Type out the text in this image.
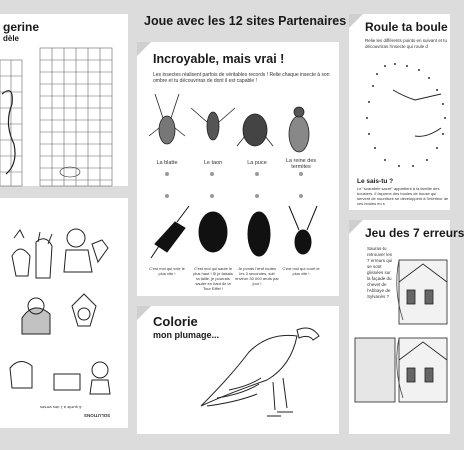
gerine
dèle
SOLUTIONS
& quelle à 1 des versés
Joue avec les 12 sites Partenaires
Incroyable, mais vrai !
Les insectes réalisent parfois de véritables records ! Relie chaque insecte à son ombre et tu découvriras de dont il est capable !
La blatte	Le taon	La puce	La reine des termites
C'est moi qui vole le plus vite !
C'est moi qui saute le plus haut ! Si je faisais ta taille, je pourrais sauter en haut de la Tour Eiffel !
Je ponds l'œuf toutes les 3 secondes, soit environ 30 000 œufs par jour !
C'est moi qui court le plus vite !
Colorie
mon plumage...
Roule ta boule
Relie les différents points en suivant et tu découvriras l'insecte qui roule d
Le sais-tu ?
Le "scarabée sacré" appartient à la famille des bousiers. Il façonne des boules de bouse qui servent de nourriture se développent à l'intérieur de ces boules en s
Jeu des 7 erreurs
Sauras-tu retrouver les 7 erreurs qui se sont glissées sur la façade du chevet de l'Abbaye de Sylvanès ?
